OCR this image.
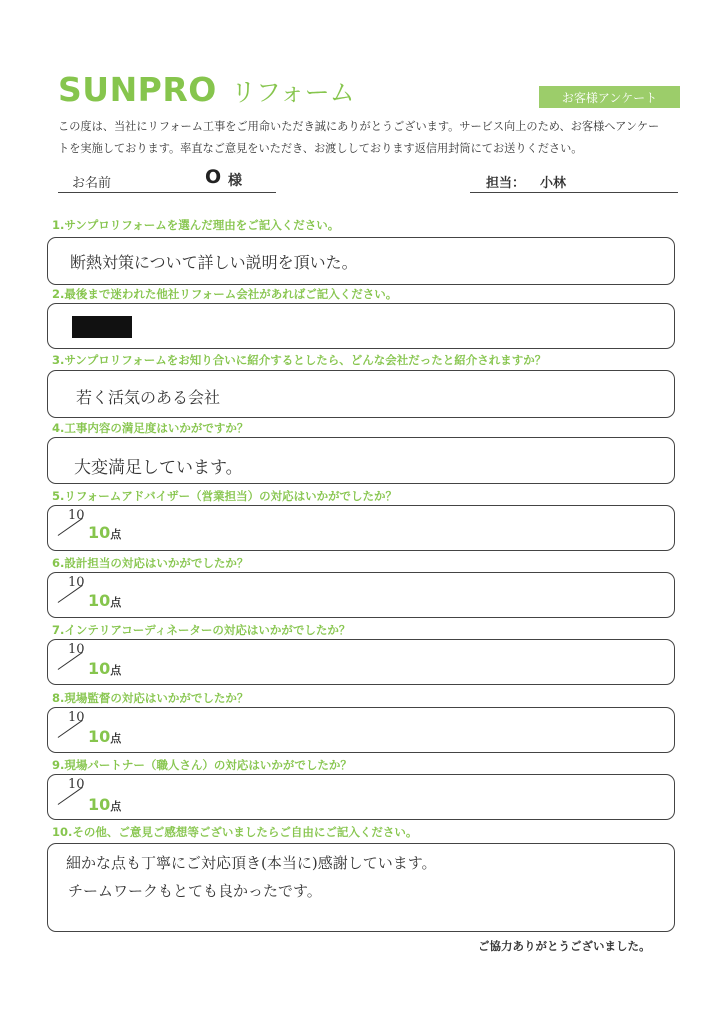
SUNPRO リフォーム	お客様アンケート
この度は、当社にリフォーム工事をご用命いただき誠にありがとうございます。サービス向上のため、お客様へアンケー
トを実施しております。率直なご意見をいただき、お渡ししております返信用封筒にてお送りください。
お名前	O 様	担当： 小林
1.サンプロリフォームを選んだ理由をご記入ください。
断熱対策について詳しい説明を頂いた。
2.最後まで迷われた他社リフォーム会社があればご記入ください。
3.サンプロリフォームをお知り合いに紹介するとしたら、どんな会社だったと紹介されますか？
若く活気のある会社
4.工事内容の満足度はいかがですか？
大変満足しています。
5.リフォームアドバイザー（営業担当）の対応はいかがでしたか？
10
10点
6.設計担当の対応はいかがでしたか？
10
10点
7.インテリアコーディネーターの対応はいかがでしたか？
10
10点
8.現場監督の対応はいかがでしたか？
10
10点
9.現場パートナー（職人さん）の対応はいかがでしたか？
10
10点
10.その他、ご意見ご感想等ございましたらご自由にご記入ください。
細かな点も丁寧にご対応頂き(本当に)感謝しています。
チームワークもとても良かったです。
ご協力ありがとうございました。
